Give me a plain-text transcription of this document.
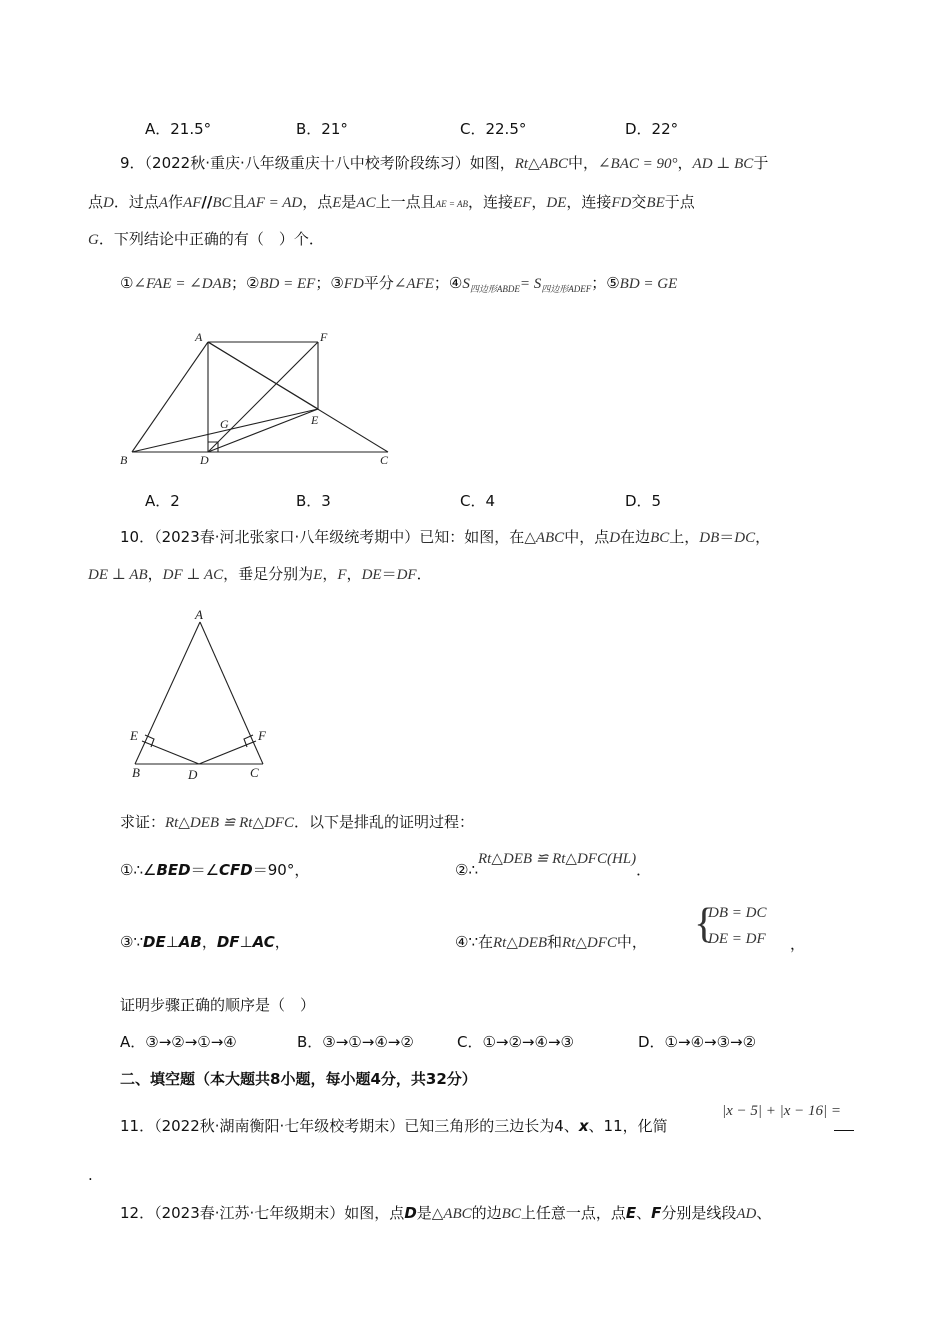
A．21.5°	B．21°	C．22.5°	D．22°
9．（2022秋·重庆·八年级重庆十八中校考阶段练习）如图，Rt△ABC中，∠BAC = 90°，AD ⊥ BC于
点D．过点A作AF//BC且AF = AD，点E是AC上一点且AE = AB，连接EF，DE，连接FD交BE于点
G．下列结论中正确的有（　）个．
①∠FAE = ∠DAB；②BD = EF；③FD平分∠AFE；$④S_{四边形ABDE}= S_{四边形ADEF}$；⑤BD = GE
A	F
G	E
B	D	C
A．2	B．3	C．4	D．5
10．（2023春·河北张家口·八年级统考期中）已知：如图，在△ABC中，点D在边BC上，DB＝DC，
DE ⊥ AB，DF ⊥ AC，垂足分别为E，F，DE＝DF．
A
E	F
B	D	C
求证：Rt△DEB ≌ Rt△DFC．以下是排乱的证明过程：
①∴∠BED＝∠CFD＝90°，	②∴Rt△DEB ≌ Rt△DFC(HL)．
③∵DE⊥AB，DF⊥AC，	④∵在Rt△DEB和Rt△DFC中， {
DB = DC
DE = DF ，
证明步骤正确的顺序是（　）
A．③→②→①→④	B．③→①→④→②	C．①→②→④→③	D．①→④→③→②
二、填空题（本大题共8小题，每小题4分，共32分）
11．（2022秋·湖南衡阳·七年级校考期末）已知三角形的三边长为4、x、11，化简
|x − 5| + |x − 16| =
.
12．（2023春·江苏·七年级期末）如图，点D是△ABC的边BC上任意一点，点E、F分别是线段AD、
